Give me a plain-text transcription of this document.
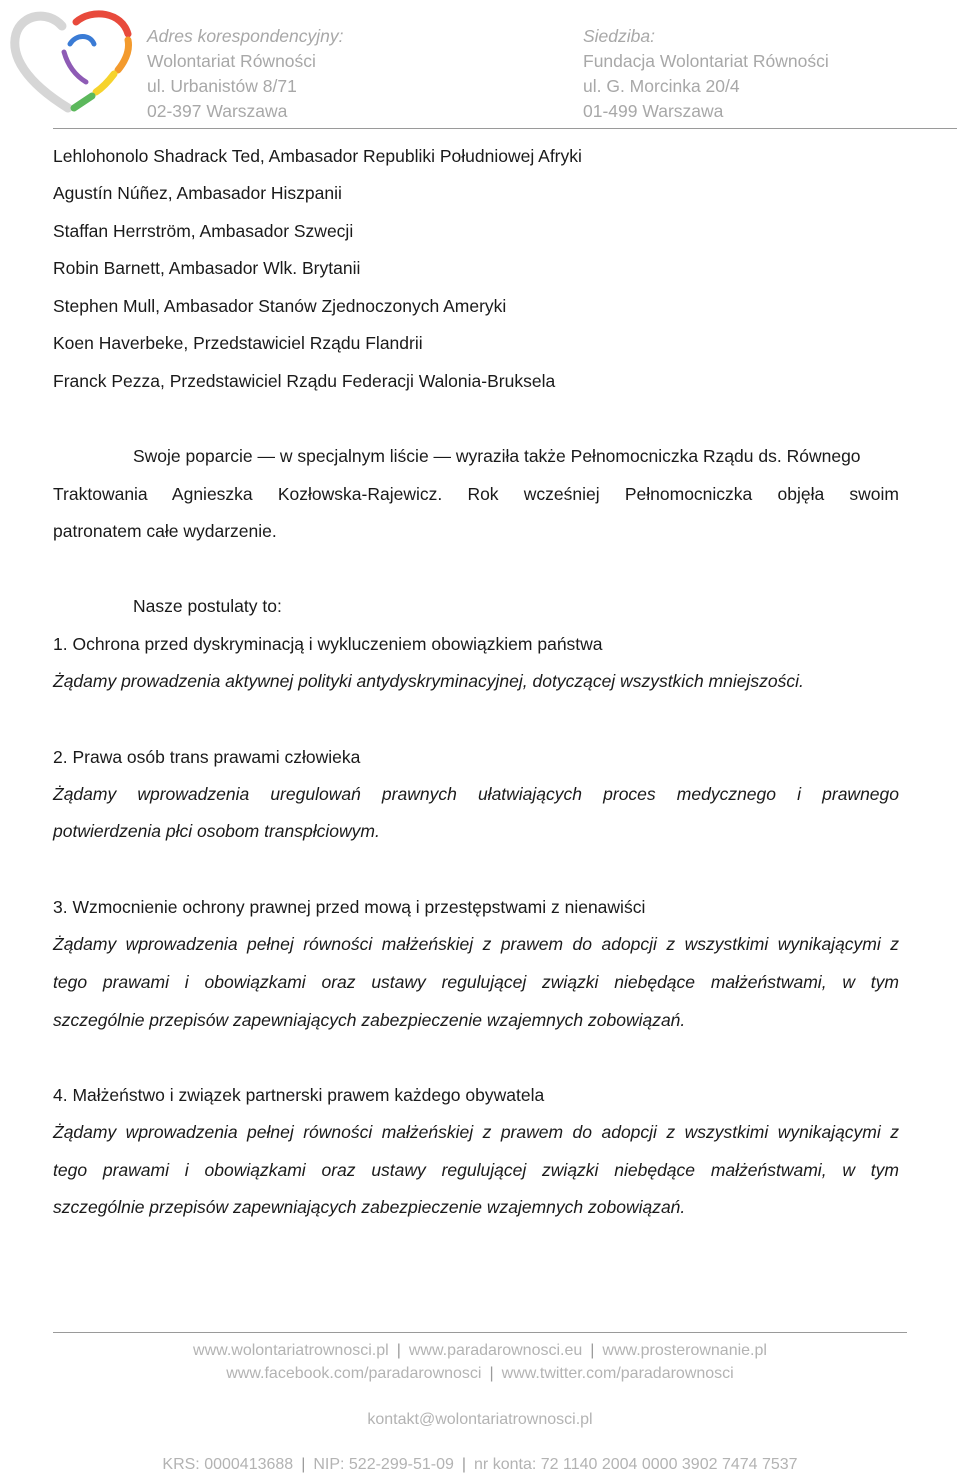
Adres korespondencyjny:
Wolontariat Równości
ul. Urbanistów 8/71
02-397 Warszawa
Siedziba:
Fundacja Wolontariat Równości
ul. G. Morcinka 20/4
01-499 Warszawa
Lehlohonolo Shadrack Ted, Ambasador Republiki Południowej Afryki
Agustín Núñez, Ambasador Hiszpanii
Staffan Herrström, Ambasador Szwecji
Robin Barnett, Ambasador Wlk. Brytanii
Stephen Mull, Ambasador Stanów Zjednoczonych Ameryki
Koen Haverbeke, Przedstawiciel Rządu Flandrii
Franck Pezza, Przedstawiciel Rządu Federacji Walonia-Bruksela
Swoje poparcie — w specjalnym liście — wyraziła także Pełnomocniczka Rządu ds. Równego
Traktowania Agnieszka Kozłowska-Rajewicz. Rok wcześniej Pełnomocniczka objęła swoim
patronatem całe wydarzenie.
Nasze postulaty to:
1. Ochrona przed dyskryminacją i wykluczeniem obowiązkiem państwa
Żądamy prowadzenia aktywnej polityki antydyskryminacyjnej, dotyczącej wszystkich mniejszości.
2. Prawa osób trans prawami człowieka
Żądamy wprowadzenia uregulowań prawnych ułatwiających proces medycznego i prawnego
potwierdzenia płci osobom transpłciowym.
3. Wzmocnienie ochrony prawnej przed mową i przestępstwami z nienawiści
Żądamy wprowadzenia pełnej równości małżeńskiej z prawem do adopcji z wszystkimi wynikającymi z
tego prawami i obowiązkami oraz ustawy regulującej związki niebędące małżeństwami, w tym
szczególnie przepisów zapewniających zabezpieczenie wzajemnych zobowiązań.
4. Małżeństwo i związek partnerski prawem każdego obywatela
Żądamy wprowadzenia pełnej równości małżeńskiej z prawem do adopcji z wszystkimi wynikającymi z
tego prawami i obowiązkami oraz ustawy regulującej związki niebędące małżeństwami, w tym
szczególnie przepisów zapewniających zabezpieczenie wzajemnych zobowiązań.
www.wolontariatrownosci.pl | www.paradarownosci.eu | www.prosterownanie.pl
www.facebook.com/paradarownosci | www.twitter.com/paradarownosci
kontakt@wolontariatrownosci.pl
KRS: 0000413688 | NIP: 522-299-51-09 | nr konta: 72 1140 2004 0000 3902 7474 7537
